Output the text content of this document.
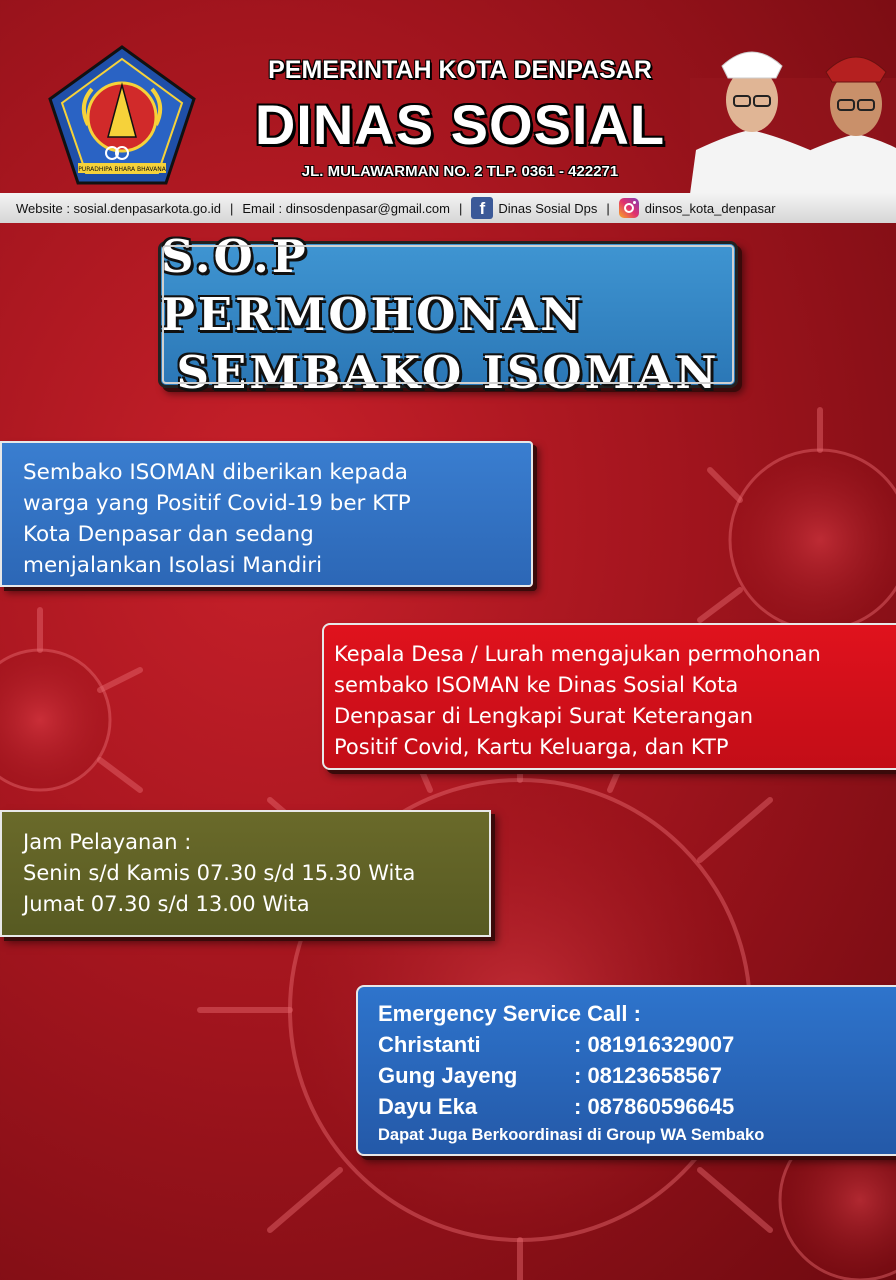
PURADHIPA BHARA BHAVANA
PEMERINTAH KOTA DENPASAR
DINAS SOSIAL
JL. MULAWARMAN NO. 2 TLP. 0361 - 422271
Website : sosial.denpasarkota.go.id | Email : dinsosdenpasar@gmail.com |	f	Dinas Sosial Dps |	dinsos_kota_denpasar
S.O.P PERMOHONAN
SEMBAKO ISOMAN
Sembako ISOMAN diberikan kepada
warga yang Positif Covid-19 ber KTP
Kota Denpasar dan sedang
menjalankan Isolasi Mandiri
Kepala Desa / Lurah mengajukan permohonan
sembako ISOMAN ke Dinas Sosial Kota
Denpasar di Lengkapi Surat Keterangan
Positif Covid, Kartu Keluarga, dan KTP
Jam Pelayanan :
Senin s/d Kamis 07.30 s/d 15.30 Wita
Jumat 07.30 s/d 13.00 Wita
Emergency Service Call :
Christanti	: 081916329007
Gung Jayeng	: 08123658567
Dayu Eka	: 087860596645
Dapat Juga Berkoordinasi di Group WA Sembako
